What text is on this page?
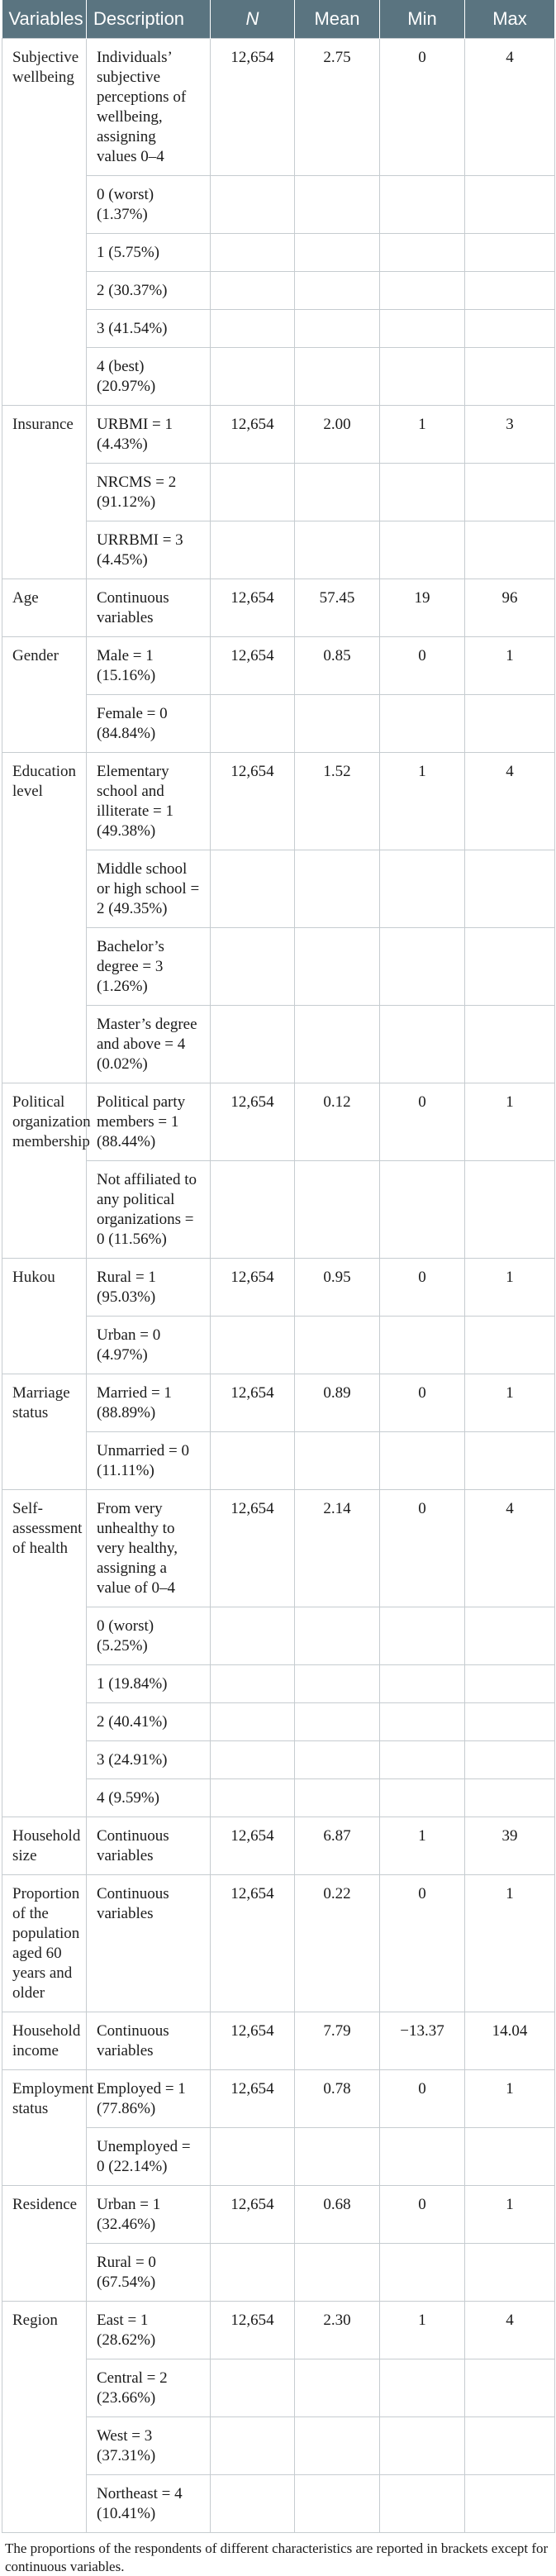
Variables	Description	N	Mean	Min	Max
Subjective wellbeing	Individuals’ subjective perceptions of wellbeing, assigning values 0–4	12,654	2.75	0	4
	0 (worst) (1.37%)				
	1 (5.75%)				
	2 (30.37%)				
	3 (41.54%)				
	4 (best) (20.97%)				
Insurance	URBMI = 1 (4.43%)	12,654	2.00	1	3
	NRCMS = 2 (91.12%)				
	URRBMI = 3 (4.45%)				
Age	Continuous variables	12,654	57.45	19	96
Gender	Male = 1 (15.16%)	12,654	0.85	0	1
	Female = 0 (84.84%)				
Education level	Elementary school and illiterate = 1 (49.38%)	12,654	1.52	1	4
	Middle school or high school = 2 (49.35%)				
	Bachelor’s degree = 3 (1.26%)				
	Master’s degree and above = 4 (0.02%)				
Political organization membership	Political party members = 1 (88.44%)	12,654	0.12	0	1
	Not affiliated to any political organizations = 0 (11.56%)				
Hukou	Rural = 1 (95.03%)	12,654	0.95	0	1
	Urban = 0 (4.97%)				
Marriage status	Married = 1 (88.89%)	12,654	0.89	0	1
	Unmarried = 0 (11.11%)				
Self-assessment of health	From very unhealthy to very healthy, assigning a value of 0–4	12,654	2.14	0	4
	0 (worst) (5.25%)				
	1 (19.84%)				
	2 (40.41%)				
	3 (24.91%)				
	4 (9.59%)				
Household size	Continuous variables	12,654	6.87	1	39
Proportion of the population aged 60 years and older	Continuous variables	12,654	0.22	0	1
Household income	Continuous variables	12,654	7.79	−13.37	14.04
Employment status	Employed = 1 (77.86%)	12,654	0.78	0	1
	Unemployed = 0 (22.14%)				
Residence	Urban = 1 (32.46%)	12,654	0.68	0	1
	Rural = 0 (67.54%)				
Region	East = 1 (28.62%)	12,654	2.30	1	4
	Central = 2 (23.66%)				
	West = 3 (37.31%)				
	Northeast = 4 (10.41%)				
The proportions of the respondents of different characteristics are reported in brackets except for continuous variables.
